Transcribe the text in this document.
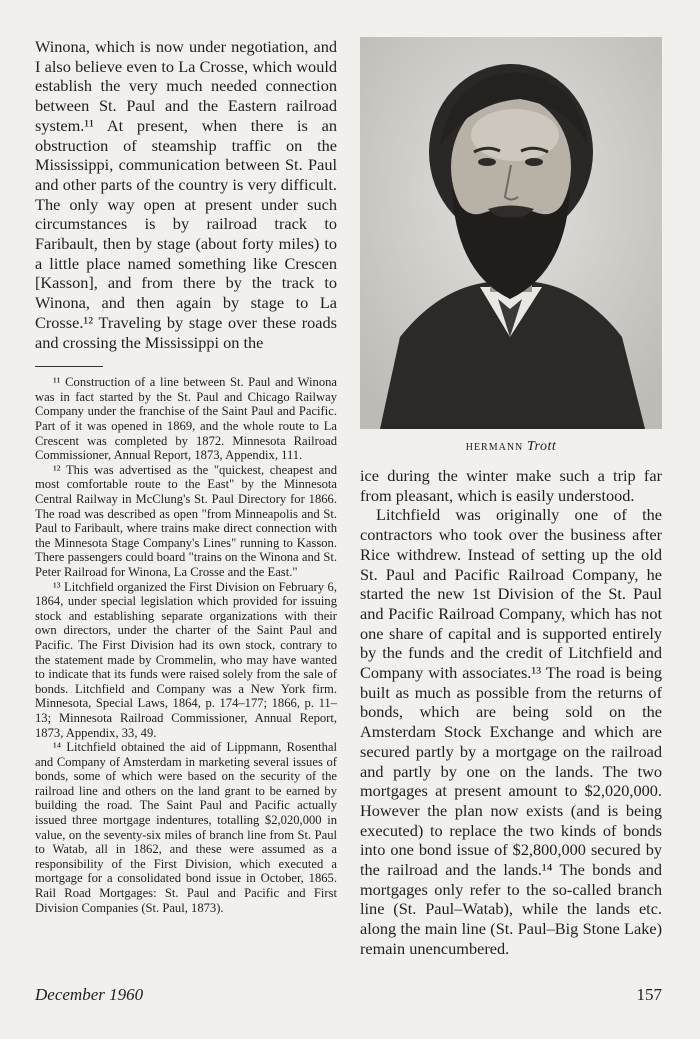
Winona, which is now under negotiation, and I also believe even to La Crosse, which would establish the very much needed connection between St. Paul and the Eastern railroad system.¹¹ At present, when there is an obstruction of steamship traffic on the Mississippi, communication between St. Paul and other parts of the country is very difficult. The only way open at present under such circumstances is by railroad track to Faribault, then by stage (about forty miles) to a little place named something like Crescen [Kasson], and from there by the track to Winona, and then again by stage to La Crosse.¹² Traveling by stage over these roads and crossing the Mississippi on the

¹¹ Construction of a line between St. Paul and Winona was in fact started by the St. Paul and Chicago Railway Company under the franchise of the Saint Paul and Pacific. Part of it was opened in 1869, and the whole route to La Crescent was completed by 1872. Minnesota Railroad Commissioner, Annual Report, 1873, Appendix, 111.

¹² This was advertised as the "quickest, cheapest and most comfortable route to the East" by the Minnesota Central Railway in McClung's St. Paul Directory for 1866. The road was described as open "from Minneapolis and St. Paul to Faribault, where trains make direct connection with the Minnesota Stage Company's Lines" running to Kasson. There passengers could board "trains on the Winona and St. Peter Railroad for Winona, La Crosse and the East."

¹³ Litchfield organized the First Division on February 6, 1864, under special legislation which provided for issuing stock and establishing separate organizations with their own directors, under the charter of the Saint Paul and Pacific. The First Division had its own stock, contrary to the statement made by Crommelin, who may have wanted to indicate that its funds were raised solely from the sale of bonds. Litchfield and Company was a New York firm. Minnesota, Special Laws, 1864, p. 174–177; 1866, p. 11–13; Minnesota Railroad Commissioner, Annual Report, 1873, Appendix, 33, 49.

¹⁴ Litchfield obtained the aid of Lippmann, Rosenthal and Company of Amsterdam in marketing several issues of bonds, some of which were based on the security of the railroad line and others on the land grant to be earned by building the road. The Saint Paul and Pacific actually issued three mortgage indentures, totalling $2,020,000 in value, on the seventy-six miles of branch line from St. Paul to Watab, all in 1862, and these were assumed as a responsibility of the First Division, which executed a mortgage for a consolidated bond issue in October, 1865. Rail Road Mortgages: St. Paul and Pacific and First Division Companies (St. Paul, 1873).

HERMANN Trott

ice during the winter make such a trip far from pleasant, which is easily understood.

Litchfield was originally one of the contractors who took over the business after Rice withdrew. Instead of setting up the old St. Paul and Pacific Railroad Company, he started the new 1st Division of the St. Paul and Pacific Railroad Company, which has not one share of capital and is supported entirely by the funds and the credit of Litchfield and Company with associates.¹³ The road is being built as much as possible from the returns of bonds, which are being sold on the Amsterdam Stock Exchange and which are secured partly by a mortgage on the railroad and partly by one on the lands. The two mortgages at present amount to $2,020,000. However the plan now exists (and is being executed) to replace the two kinds of bonds into one bond issue of $2,800,000 secured by the railroad and the lands.¹⁴ The bonds and mortgages only refer to the so-called branch line (St. Paul–Watab), while the lands etc. along the main line (St. Paul–Big Stone Lake) remain unencumbered.

December 1960	157
